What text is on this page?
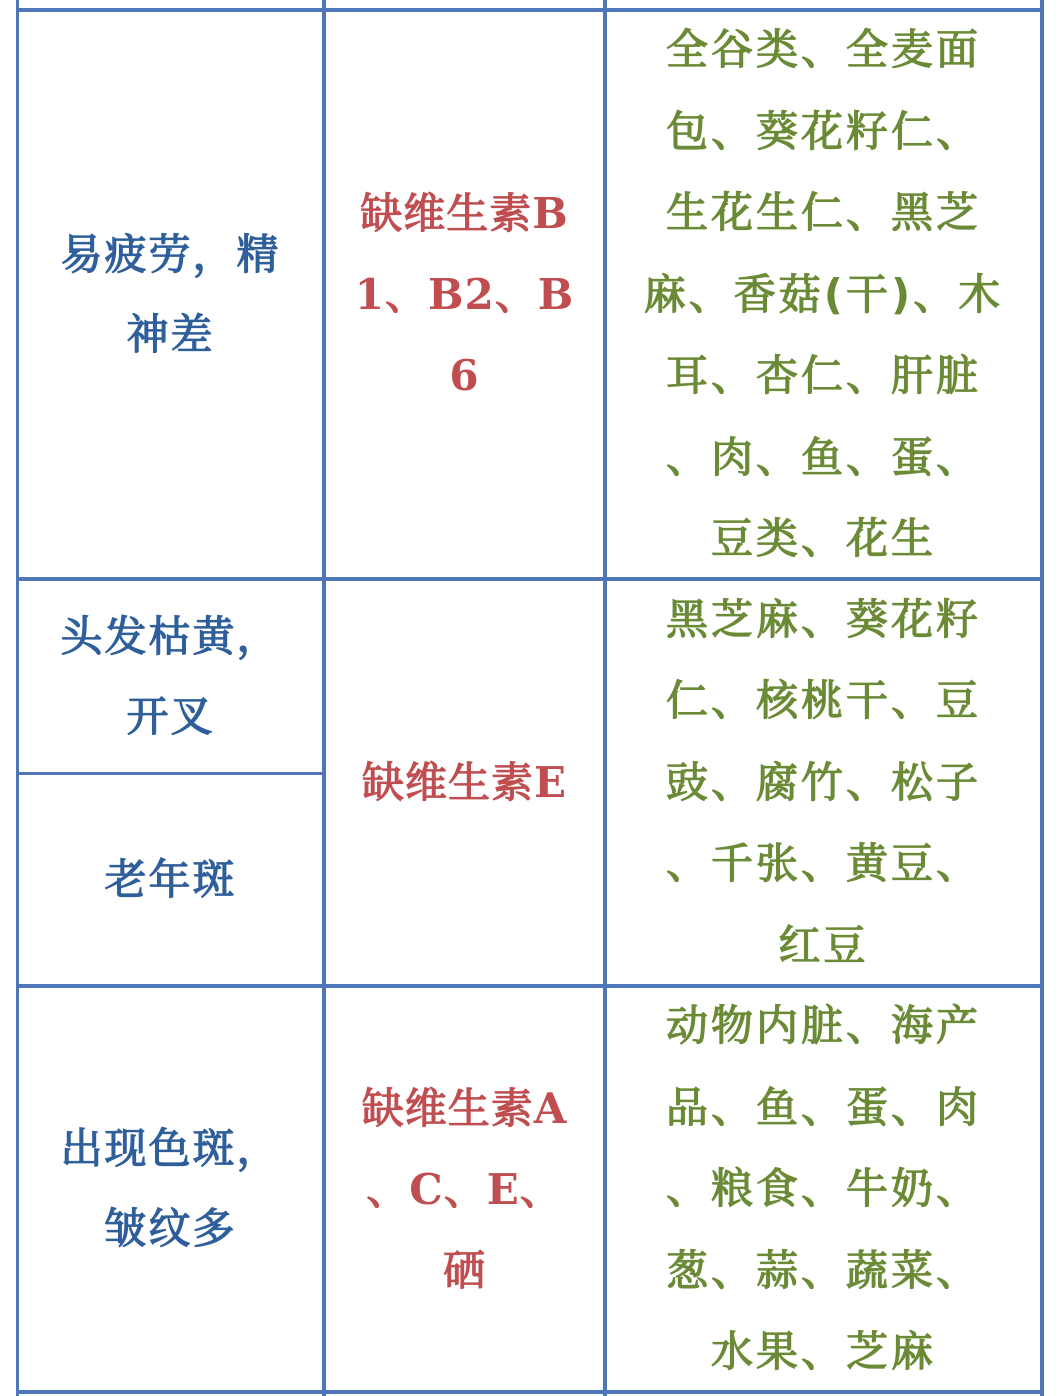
易疲劳，精
神差
缺维生素B
1、B2、B
6
全谷类、全麦面
包、葵花籽仁、
生花生仁、黑芝
麻、香菇(干)、木
耳、杏仁、肝脏
、肉、鱼、蛋、
豆类、花生
头发枯黄，
开叉
老年斑
缺维生素E
黑芝麻、葵花籽
仁、核桃干、豆
豉、腐竹、松子
、千张、黄豆、
红豆
出现色斑，
皱纹多
缺维生素A
、C、E、
硒
动物内脏、海产
品、鱼、蛋、肉
、粮食、牛奶、
葱、蒜、蔬菜、
水果、芝麻
